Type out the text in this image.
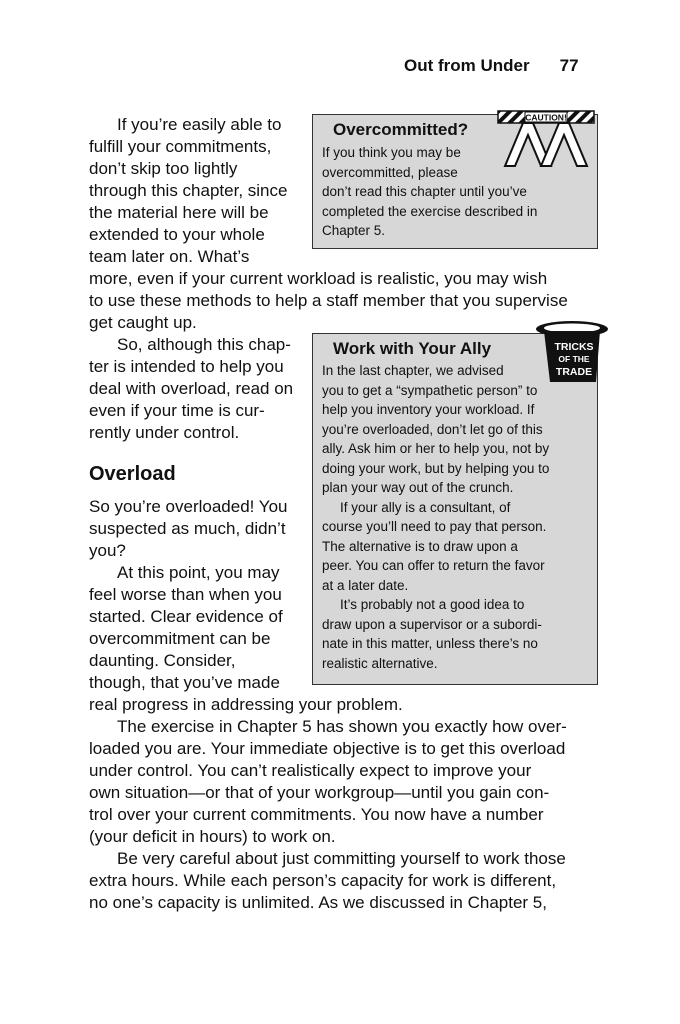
Out from Under 77
If you’re easily able to
fulfill your commitments,
don’t skip too lightly
through this chapter, since
the material here will be
extended to your whole
team later on. What’s
more, even if your current workload is realistic, you may wish
to use these methods to help a staff member that you supervise
get caught up.
So, although this chap-
ter is intended to help you
deal with overload, read on
even if your time is cur-
rently under control.
Overload
So you’re overloaded! You
suspected as much, didn’t
you?
At this point, you may
feel worse than when you
started. Clear evidence of
overcommitment can be
daunting. Consider,
though, that you’ve made
real progress in addressing your problem.
The exercise in Chapter 5 has shown you exactly how over-
loaded you are. Your immediate objective is to get this overload
under control. You can’t realistically expect to improve your
own situation—or that of your workgroup—until you gain con-
trol over your current commitments. You now have a number
(your deficit in hours) to work on.
Be very careful about just committing yourself to work those
extra hours. While each person’s capacity for work is different,
no one’s capacity is unlimited. As we discussed in Chapter 5,
Overcommitted?
If you think you may be
overcommitted, please
don’t read this chapter until you’ve
completed the exercise described in
Chapter 5.
CAUTION!
Work with Your Ally
In the last chapter, we advised
you to get a “sympathetic person” to
help you inventory your workload. If
you’re overloaded, don’t let go of this
ally. Ask him or her to help you, not by
doing your work, but by helping you to
plan your way out of the crunch.
If your ally is a consultant, of
course you’ll need to pay that person.
The alternative is to draw upon a
peer. You can offer to return the favor
at a later date.
It’s probably not a good idea to
draw upon a supervisor or a subordi-
nate in this matter, unless there’s no
realistic alternative.
TRICKS
OF THE
TRADE
